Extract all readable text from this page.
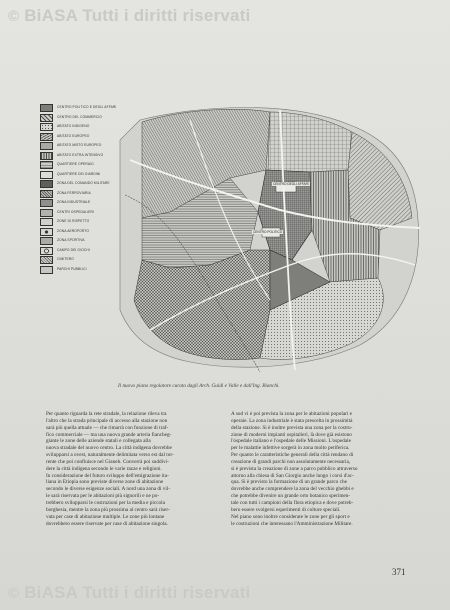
© BiASA Tutti i diritti riservati
CENTRO POLITICO E DEGLI AFFARI
CENTRO DEL COMMERCIO
ABITATO INDIGENO
ABITATO EUROPEO
ABITATO MISTO EUROPEO
ABITATO EXTRA INTENSIVO
QUARTIERE OPERAIO
QUARTIERE DEI GIARDINI
ZONA DEL COMANDO MILITARE
ZONA FERROVIARIA
ZONA INDUSTRIALE
CENTRI OSPEDALIERI
ZONE DI RISPETTO
ZONA AEROPORTO
ZONA SPORTIVA
CAMPO DEI GIOCHI
CIMITERO
PARCHI PUBBLICI
CENTRO DEGLI AFFARI
CENTRO POLITICO
Il nuovo piano regolatore curato dagli Arch. Guidi e Valle e dall'Ing. Bianchi.
Per quanto riguarda la rete stradale, la relazione rileva tra
l'altro che la strada principale di accesso alla stazione non
sarà più quella attuale — che rimarrà con funzione di traf-
fico commerciale — ma una nuova grande arteria fiancheg-
giante le zone delle aziende statali e collegata alla
nuova stradale del nuovo centro. La città indigena dovrebbe
svilupparsi a ovest, naturalmente delimitata verso est dal tor-
rente che poi confluisce nel Gianeh. Converrà poi suddivi-
dere la città indigena secondo le varie razze e religioni.
In considerazione del futuro sviluppo dell'emigrazione ita-
liana in Etiopia sono previste diverse zone di abitazione
secondo le diverse esigenze sociali. A nord una zona di vil-
le sarà riservata per le abitazioni più signorili e ne po-
trebbero svilupparsi le costruzioni per la media e piccola
borghesia, mentre la zona più prossima al centro sarà riser-
vata per case di abitazione multiple. Le zone più lontane
dovrebbero essere riservate per case di abitazione singola.
A sud vi è poi prevista la zona per le abitazioni popolari e
operaie. La zona industriale è stata prescelta in prossimità
della stazione. Si è inoltre prevista una zona per la costru-
zione di moderni impianti ospitalieri, là dove già esistono
l'ospedale italiano e l'ospedale delle Missioni. L'ospedale
per le malattie infettive sorgerà in zona molto periferica.
Per quanto le caratteristiche generali della città rendano di
creazione di grandi parchi non assolutamente necessaria,
si è prevista la creazione di zone a parco pubblico attraverso
attorno alla chiesa di San Giorgio anche lungo i corsi d'ac-
qua. Si è previsto la formazione di un grande parco che
dovrebbe anche comprendere la zona del vecchio ghebbi e
che potrebbe divenire un grande orto botanico sperimen-
tale con tutti i campioni della flora etiopica e dove potreb-
bero essere svolgersi esperimenti di colture speciali.
Nel piano sono inoltre considerate le zone per gli sport e
le costruzioni che interessano l'Amministrazione Militare.
371
© BiASA Tutti i diritti riservati
